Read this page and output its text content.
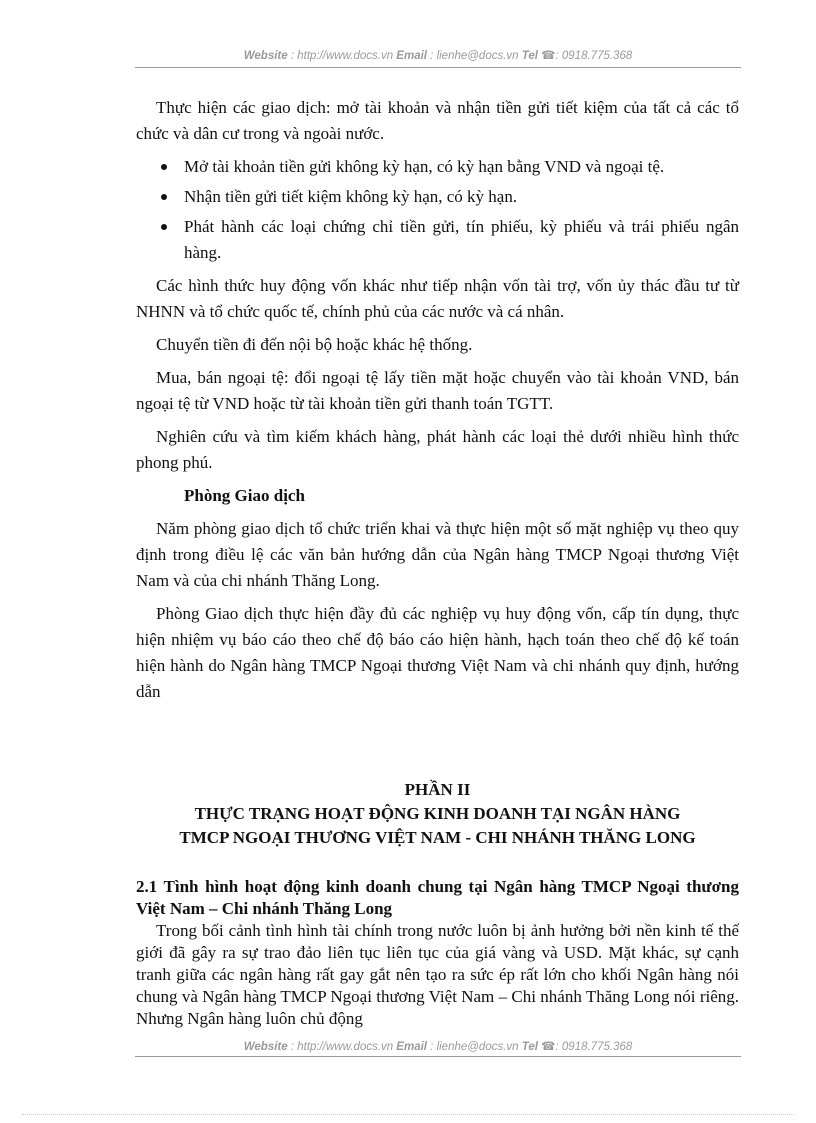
Website : http://www.docs.vn Email : lienhe@docs.vn Tel ☎: 0918.775.368

Thực hiện các giao dịch: mở tài khoản và nhận tiền gửi tiết kiệm của tất cả các tổ chức và dân cư trong và ngoài nước.

Mở tài khoản tiền gửi không kỳ hạn, có kỳ hạn bằng VND và ngoại tệ.
Nhận tiền gửi tiết kiệm không kỳ hạn, có kỳ hạn.
Phát hành các loại chứng chỉ tiền gửi, tín phiếu, kỳ phiếu và trái phiếu ngân hàng.

Các hình thức huy động vốn khác như tiếp nhận vốn tài trợ, vốn ủy thác đầu tư từ NHNN và tổ chức quốc tế, chính phủ của các nước và cá nhân.

Chuyển tiền đi đến nội bộ hoặc khác hệ thống.

Mua, bán ngoại tệ: đổi ngoại tệ lấy tiền mặt hoặc chuyển vào tài khoản VND, bán ngoại tệ từ VND hoặc từ tài khoản tiền gửi thanh toán TGTT.

Nghiên cứu và tìm kiếm khách hàng, phát hành các loại thẻ dưới nhiều hình thức phong phú.

Phòng Giao dịch

Năm phòng giao dịch tổ chức triển khai và thực hiện một số mặt nghiệp vụ theo quy định trong điều lệ các văn bản hướng dẫn của Ngân hàng TMCP Ngoại thương Việt Nam và của chi nhánh Thăng Long.

Phòng Giao dịch thực hiện đầy đủ các nghiệp vụ huy động vốn, cấp tín dụng, thực hiện nhiệm vụ báo cáo theo chế độ báo cáo hiện hành, hạch toán theo chế độ kế toán hiện hành do Ngân hàng TMCP Ngoại thương Việt Nam và chi nhánh quy định, hướng dẫn

PHẦN II
THỰC TRẠNG HOẠT ĐỘNG KINH DOANH TẠI NGÂN HÀNG
TMCP NGOẠI THƯƠNG VIỆT NAM - CHI NHÁNH THĂNG LONG

2.1 Tình hình hoạt động kinh doanh chung tại Ngân hàng TMCP Ngoại thương Việt Nam – Chi nhánh Thăng Long

Trong bối cảnh tình hình tài chính trong nước luôn bị ảnh hưởng bởi nền kinh tế thế giới đã gây ra sự trao đảo liên tục liên tục của giá vàng và USD. Mặt khác, sự cạnh tranh giữa các ngân hàng rất gay gắt nên tạo ra sức ép rất lớn cho khối Ngân hàng nói chung và Ngân hàng TMCP Ngoại thương Việt Nam – Chi nhánh Thăng Long nói riêng. Nhưng Ngân hàng luôn chủ động

Website : http://www.docs.vn Email : lienhe@docs.vn Tel ☎: 0918.775.368
